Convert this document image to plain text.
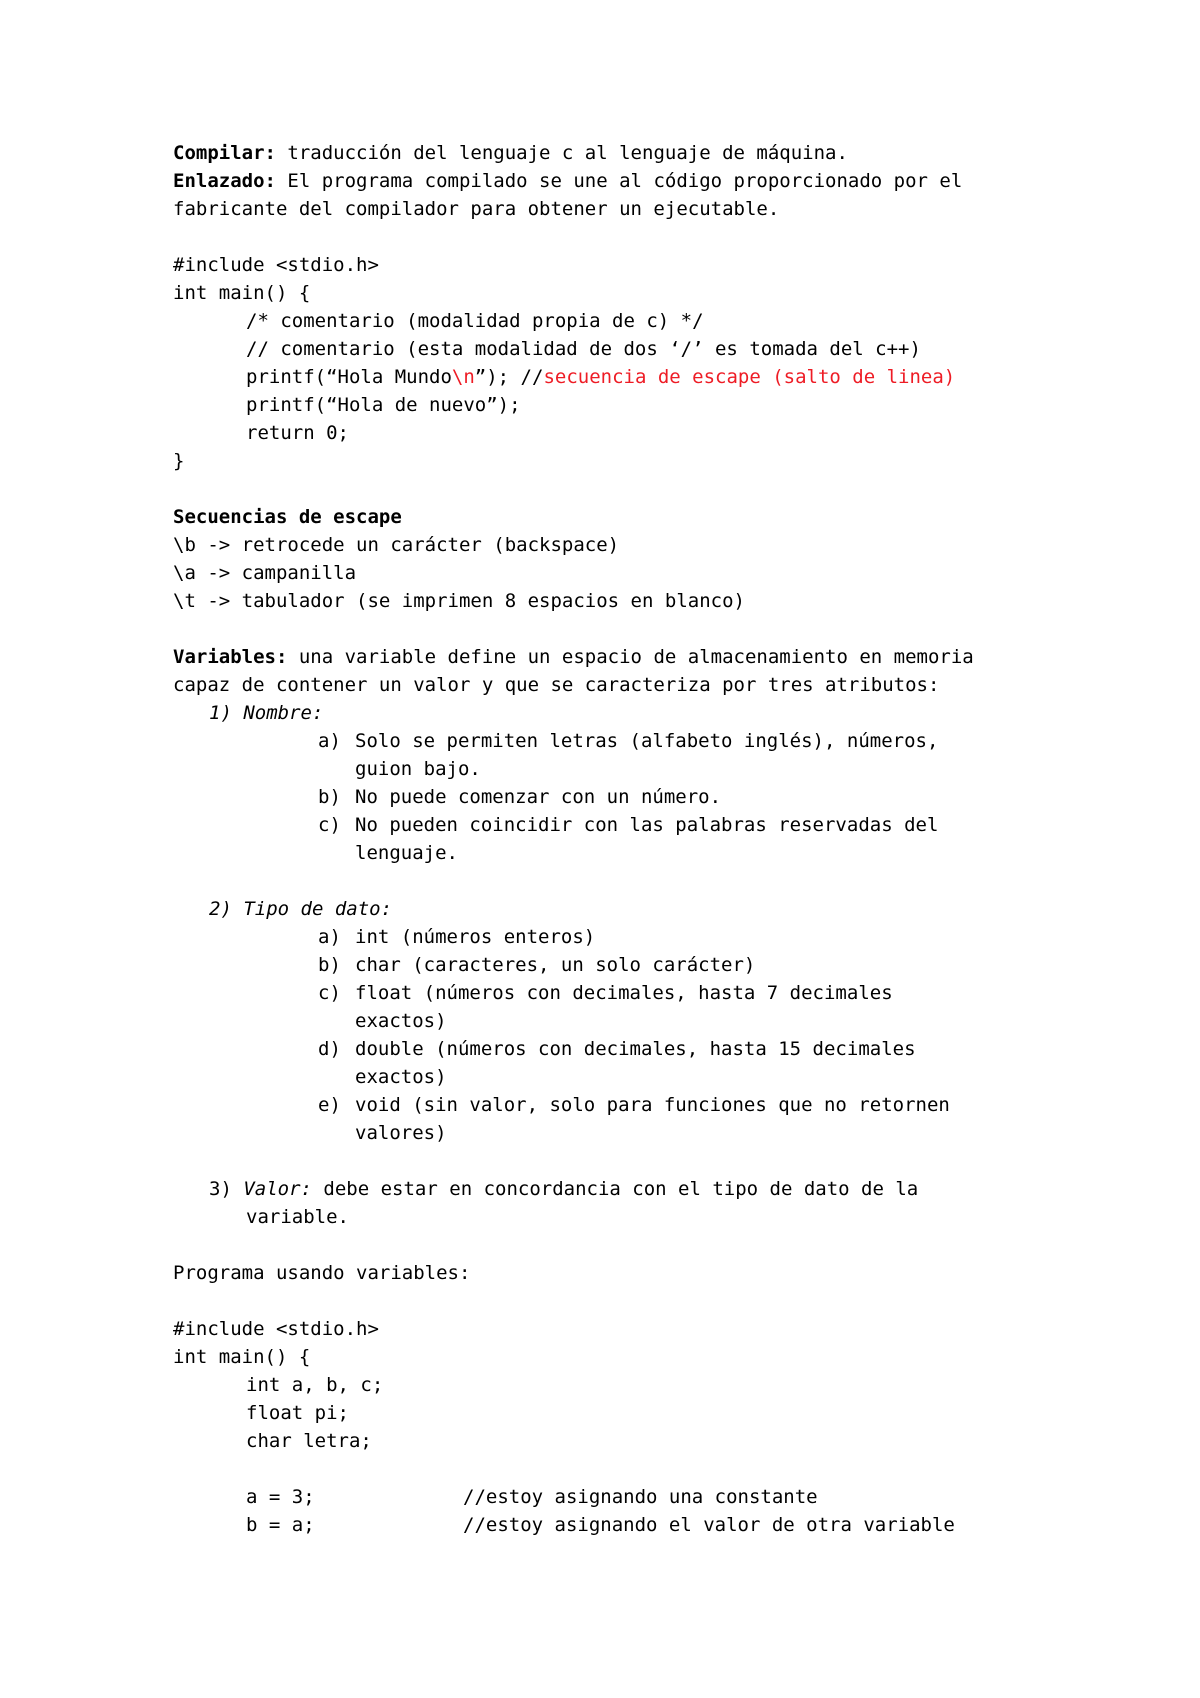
Compilar: traducción del lenguaje c al lenguaje de máquina.
Enlazado: El programa compilado se une al código proporcionado por el
fabricante del compilador para obtener un ejecutable.
#include <stdio.h>
int main() {
/* comentario (modalidad propia de c) */
// comentario (esta modalidad de dos ‘/’ es tomada del c++)
printf(“Hola Mundo\n”); //secuencia de escape (salto de linea)
printf(“Hola de nuevo”);
return 0;
}
Secuencias de escape
\b -> retrocede un carácter (backspace)
\a -> campanilla
\t -> tabulador (se imprimen 8 espacios en blanco)
Variables: una variable define un espacio de almacenamiento en memoria
capaz de contener un valor y que se caracteriza por tres atributos:
1) Nombre:
a) Solo se permiten letras (alfabeto inglés), números,
guion bajo.
b) No puede comenzar con un número.
c) No pueden coincidir con las palabras reservadas del
lenguaje.
2) Tipo de dato:
a) int (números enteros)
b) char (caracteres, un solo carácter)
c) float (números con decimales, hasta 7 decimales
exactos)
d) double (números con decimales, hasta 15 decimales
exactos)
e) void (sin valor, solo para funciones que no retornen
valores)
3) Valor: debe estar en concordancia con el tipo de dato de la
variable.
Programa usando variables:
#include <stdio.h>
int main() {
int a, b, c;
float pi;
char letra;
a = 3;	//estoy asignando una constante
b = a;	//estoy asignando el valor de otra variable
